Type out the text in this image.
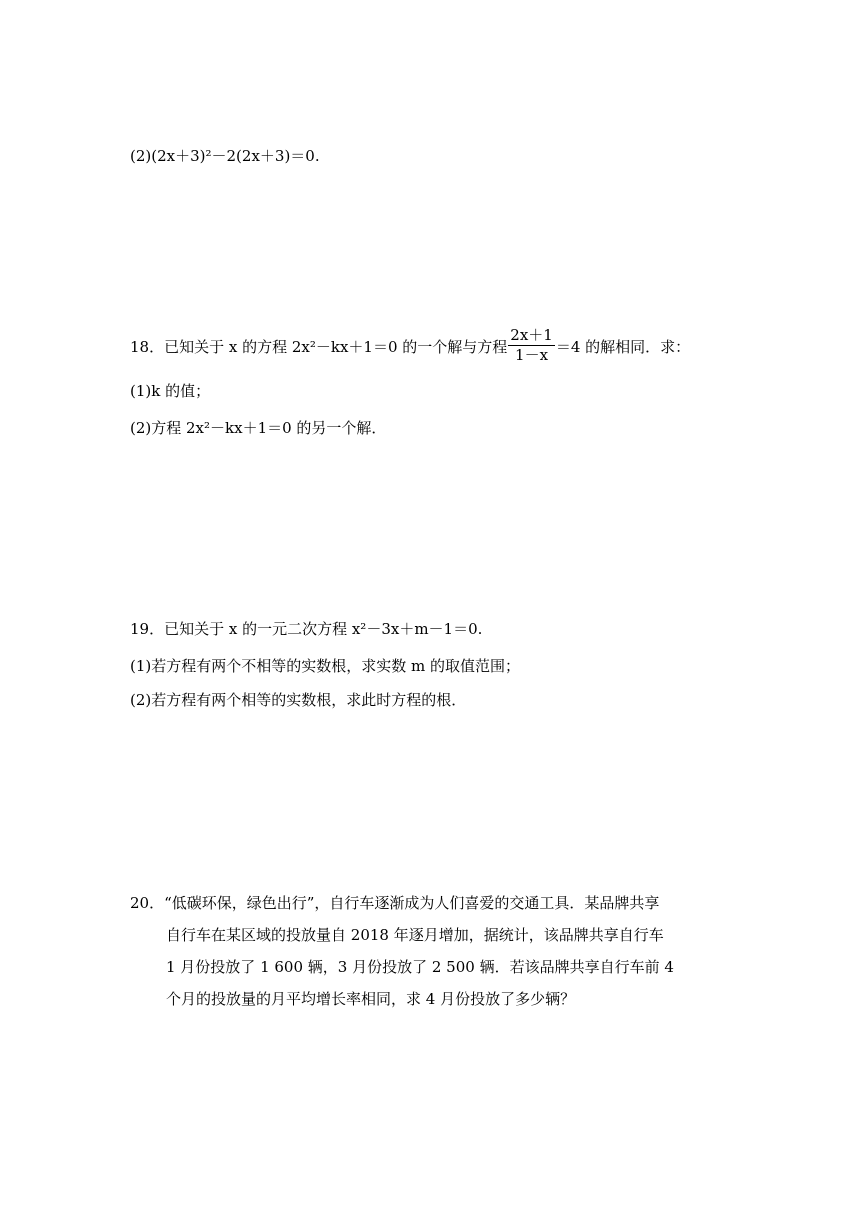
(2)(2x＋3)²－2(2x＋3)＝0.
18．已知关于 x 的方程 2x²－kx＋1＝0 的一个解与方程 $\frac{2x+1}{1-x} =4$ 的解相同．求：
(1)k 的值；
(2)方程 2x²－kx＋1＝0 的另一个解．
19．已知关于 x 的一元二次方程 x²－3x＋m－1＝0.
(1)若方程有两个不相等的实数根，求实数 m 的取值范围；
(2)若方程有两个相等的实数根，求此时方程的根．
20．“低碳环保，绿色出行”，自行车逐渐成为人们喜爱的交通工具．某品牌共享
自行车在某区域的投放量自 2018 年逐月增加，据统计，该品牌共享自行车
1 月份投放了 1 600 辆，3 月份投放了 2 500 辆．若该品牌共享自行车前 4
个月的投放量的月平均增长率相同，求 4 月份投放了多少辆？
